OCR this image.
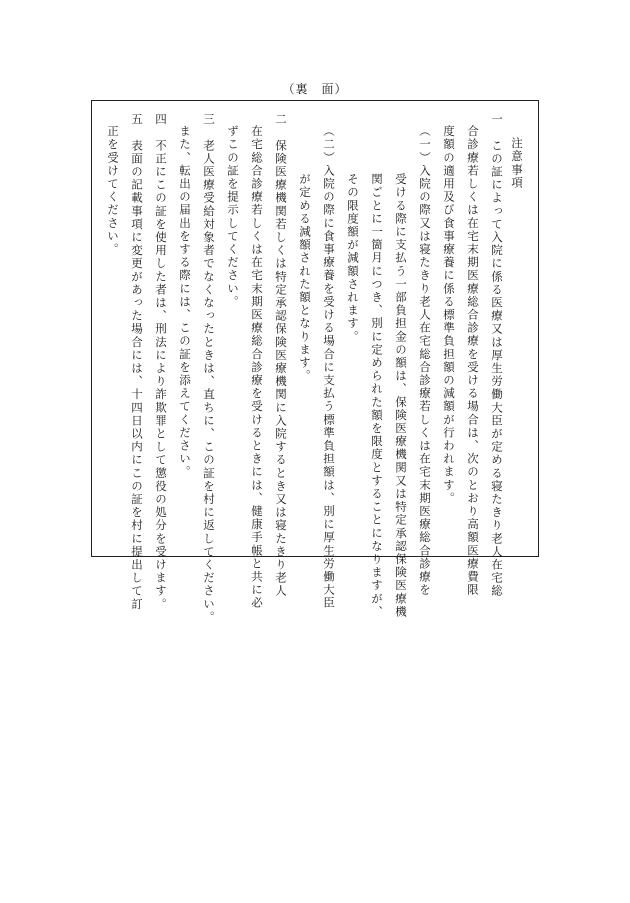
（裏　面）
注意事項
一　この証によって入院に係る医療又は厚生労働大臣が定める寝たきり老人在宅総
合診療若しくは在宅末期医療総合診療を受ける場合は、次のとおり高額医療費限
度額の適用及び食事療養に係る標準負担額の減額が行われます。
（一）入院の際又は寝たきり老人在宅総合診療若しくは在宅末期医療総合診療を
受ける際に支払う一部負担金の額は、保険医療機関又は特定承認保険医療機
関ごとに一箇月につき、別に定められた額を限度とすることになりますが、
その限度額が減額されます。
（二）入院の際に食事療養を受ける場合に支払う標準負担額は、別に厚生労働大臣
が定める減額された額となります。
二　保険医療機関若しくは特定承認保険医療機関に入院するとき又は寝たきり老人
在宅総合診療若しくは在宅末期医療総合診療を受けるときには、健康手帳と共に必
ずこの証を提示してください。
三　老人医療受給対象者でなくなったときは、直ちに、この証を村に返してください。
また、転出の届出をする際には、この証を添えてください。
四　不正にこの証を使用した者は、刑法により詐欺罪として懲役の処分を受けます。
五　表面の記載事項に変更があった場合には、十四日以内にこの証を村に提出して訂
正を受けてください。
